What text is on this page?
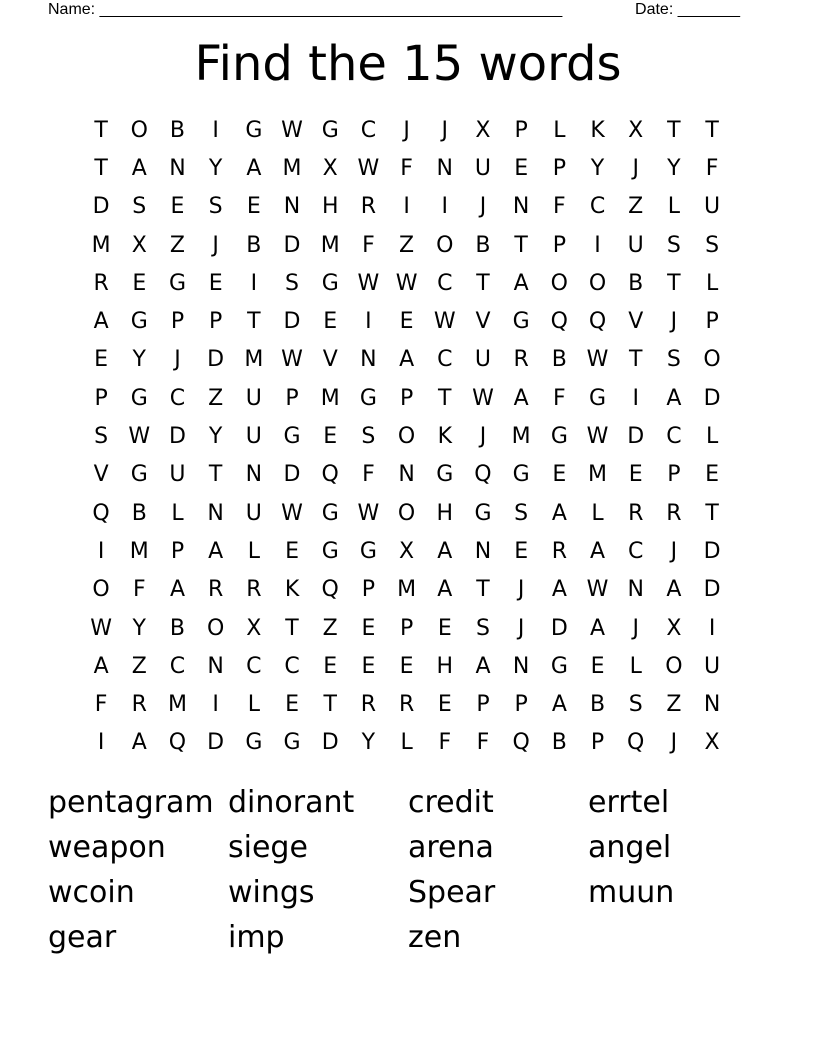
Name: ____________________________________________________	Date: _______
Find the 15 words
T	O B	I	G W G C	J	J	X	P	L	K	X	T	T
T	A	N	Y	A M X W F	N U	E	P	Y	J	Y	F
D	S	E	S	E	N H	R	I	I	J	N	F	C	Z	L	U
M X	Z	J	B	D M	F	Z O B	T	P	I	U	S	S
R	E	G	E	I	S	G W W C	T	A O O B	T	L
A	G	P	P	T	D	E	I	E W V	G Q Q	V	J	P
E	Y	J	D M W V	N	A	C	U	R	B W T	S	O
P	G C	Z	U	P	M G	P	T W A	F	G	I	A	D
S W D	Y	U G	E	S	O	K	J	M G W D	C	L
V	G U	T	N D Q	F	N G Q G	E M E	P	E
Q B	L	N U W G W O H G	S	A	L	R	R	T
I	M	P	A	L	E	G G	X	A	N	E	R	A	C	J	D
O	F	A	R	R	K	Q	P	M A	T	J	A W N	A	D
W Y	B O X	T	Z	E	P	E	S	J	D	A	J	X	I
A	Z	C	N	C	C	E	E	E	H	A	N G	E	L	O U
F	R M	I	L	E	T	R	R	E	P	P	A	B	S	Z	N
I	A Q D G G D	Y	L	F	F	Q B	P	Q	J	X
pentagram dinorant	credit	errtel
weapon	siege	arena	angel
wcoin	wings	Spear	muun
gear	imp	zen
